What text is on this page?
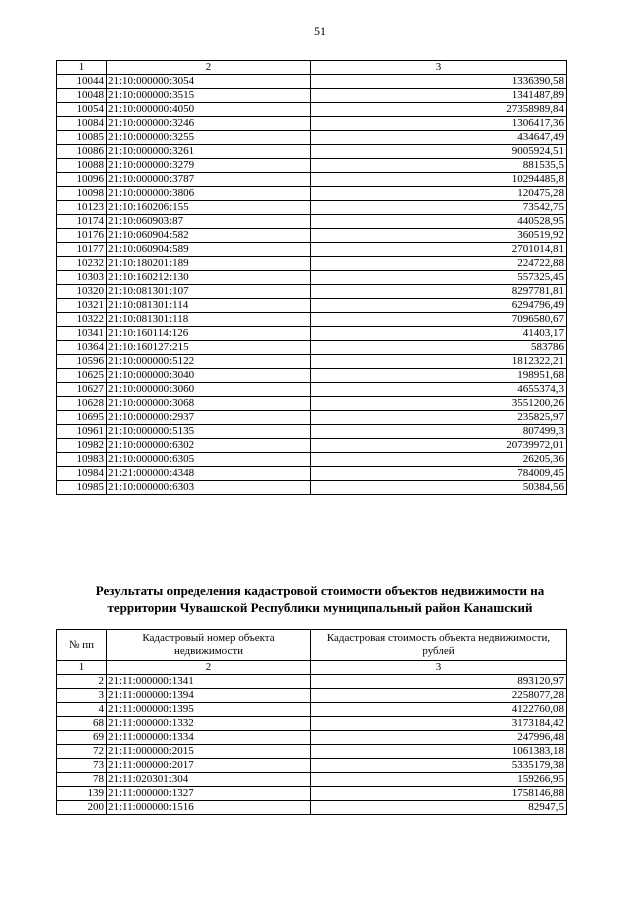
51
1	2	3
10044	21:10:000000:3054	1336390,58
10048	21:10:000000:3515	1341487,89
10054	21:10:000000:4050	27358989,84
10084	21:10:000000:3246	1306417,36
10085	21:10:000000:3255	434647,49
10086	21:10:000000:3261	9005924,51
10088	21:10:000000:3279	881535,5
10096	21:10:000000:3787	10294485,8
10098	21:10:000000:3806	120475,28
10123	21:10:160206:155	73542,75
10174	21:10:060903:87	440528,95
10176	21:10:060904:582	360519,92
10177	21:10:060904:589	2701014,81
10232	21:10:180201:189	224722,88
10303	21:10:160212:130	557325,45
10320	21:10:081301:107	8297781,81
10321	21:10:081301:114	6294796,49
10322	21:10:081301:118	7096580,67
10341	21:10:160114:126	41403,17
10364	21:10:160127:215	583786
10596	21:10:000000:5122	1812322,21
10625	21:10:000000:3040	198951,68
10627	21:10:000000:3060	4655374,3
10628	21:10:000000:3068	3551200,26
10695	21:10:000000:2937	235825,97
10961	21:10:000000:5135	807499,3
10982	21:10:000000:6302	20739972,01
10983	21:10:000000:6305	26205,36
10984	21:21:000000:4348	784009,45
10985	21:10:000000:6303	50384,56
Результаты определения кадастровой стоимости объектов недвижимости на
территории Чувашской Республики муниципальный район Канашский
№ пп	Кадастровый номер объекта недвижимости	Кадастровая стоимость объекта недвижимости, рублей
1	2	3
2	21:11:000000:1341	893120,97
3	21:11:000000:1394	2258077,28
4	21:11:000000:1395	4122760,08
68	21:11:000000:1332	3173184,42
69	21:11:000000:1334	247996,48
72	21:11:000000:2015	1061383,18
73	21:11:000000:2017	5335179,38
78	21:11:020301:304	159266,95
139	21:11:000000:1327	1758146,88
200	21:11:000000:1516	82947,5
